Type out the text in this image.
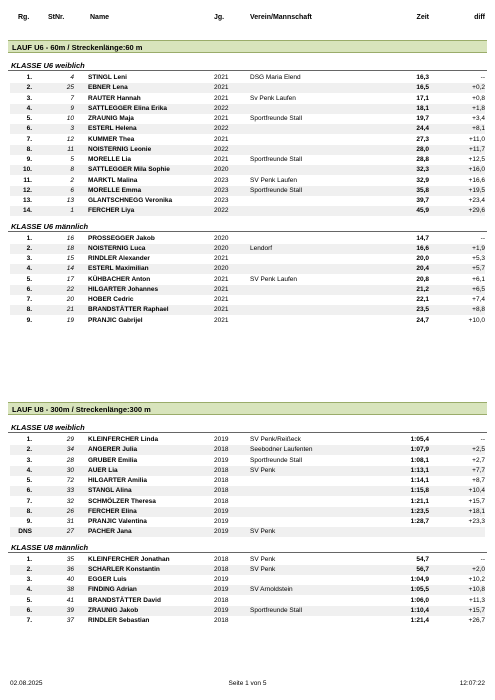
Rg.	StNr.	Name	Jg.	Verein/Mannschaft	Zeit	diff
LAUF U6 - 60m / Streckenlänge:60 m
KLASSE U6 weiblich
1.	4 STINGL Leni	2021	DSG Maria Elend	16,3	--
2.	25 EBNER Lena	2021	16,5	+0,2
3.	7 RAUTER Hannah	2021	Sv Penk Laufen	17,1	+0,8
4.	9 SATTLEGGER Elina Erika	2022	18,1	+1,8
5.	10 ZRAUNIG Maja	2021	Sportfreunde Stall	19,7	+3,4
6.	3 ESTERL Helena	2022	24,4	+8,1
7.	12 KUMMER Thea	2021	27,3	+11,0
8.	11 NOISTERNIG Leonie	2022	28,0	+11,7
9.	5 MORELLE Lia	2021	Sportfreunde Stall	28,8	+12,5
10.	8 SATTLEGGER Mila Sophie	2020	32,3	+16,0
11.	2 MARKTL Malina	2023	SV Penk Laufen	32,9	+16,6
12.	6 MORELLE Emma	2023	Sportfreunde Stall	35,8	+19,5
13.	13 GLANTSCHNEGG Veronika	2023	39,7	+23,4
14.	1 FERCHER Liya	2022	45,9	+29,6
KLASSE U6 männlich
1.	16 PROSSEGGER Jakob	2020	14,7	--
2.	18 NOISTERNIG Luca	2020	Lendorf	16,6	+1,9
3.	15 RINDLER Alexander	2021	20,0	+5,3
4.	14 ESTERL Maximilian	2020	20,4	+5,7
5.	17 KÜHBACHER Anton	2021	SV Penk Laufen	20,8	+6,1
6.	22 HILGARTER Johannes	2021	21,2	+6,5
7.	20 HOBER Cedric	2021	22,1	+7,4
8.	21 BRANDSTÄTTER Raphael	2021	23,5	+8,8
9.	19 PRANJIC Gabrijel	2021	24,7	+10,0
LAUF U8 - 300m / Streckenlänge:300 m
KLASSE U8 weiblich
1.	29 KLEINFERCHER Linda	2019	SV Penk/Reißeck	1:05,4	--
2.	34 ANGERER Julia	2018	Seebodner Laufenten	1:07,9	+2,5
3.	28 GRUBER Emilia	2019	Sportfreunde Stall	1:08,1	+2,7
4.	30 AUER Lia	2018	SV Penk	1:13,1	+7,7
5.	72 HILGARTER Amilia	2018	1:14,1	+8,7
6.	33 STANGL Alina	2018	1:15,8	+10,4
7.	32 SCHMÖLZER Theresa	2018	1:21,1	+15,7
8.	26 FERCHER Elina	2019	1:23,5	+18,1
9.	31 PRANJIC Valentina	2019	1:28,7	+23,3
DNS	27 PACHER Jana	2019	SV Penk
KLASSE U8 männlich
1.	35 KLEINFERCHER Jonathan	2018	SV Penk	54,7	--
2.	36 SCHARLER Konstantin	2018	SV Penk	56,7	+2,0
3.	40 EGGER Luis	2019	1:04,9	+10,2
4.	38 FINDING Adrian	2019	SV Arnoldstein	1:05,5	+10,8
5.	41 BRANDSTÄTTER David	2018	1:06,0	+11,3
6.	39 ZRAUNIG Jakob	2019	Sportfreunde Stall	1:10,4	+15,7
7.	37 RINDLER Sebastian	2018	1:21,4	+26,7
02.08.2025	Seite 1 von 5	12:07:22
